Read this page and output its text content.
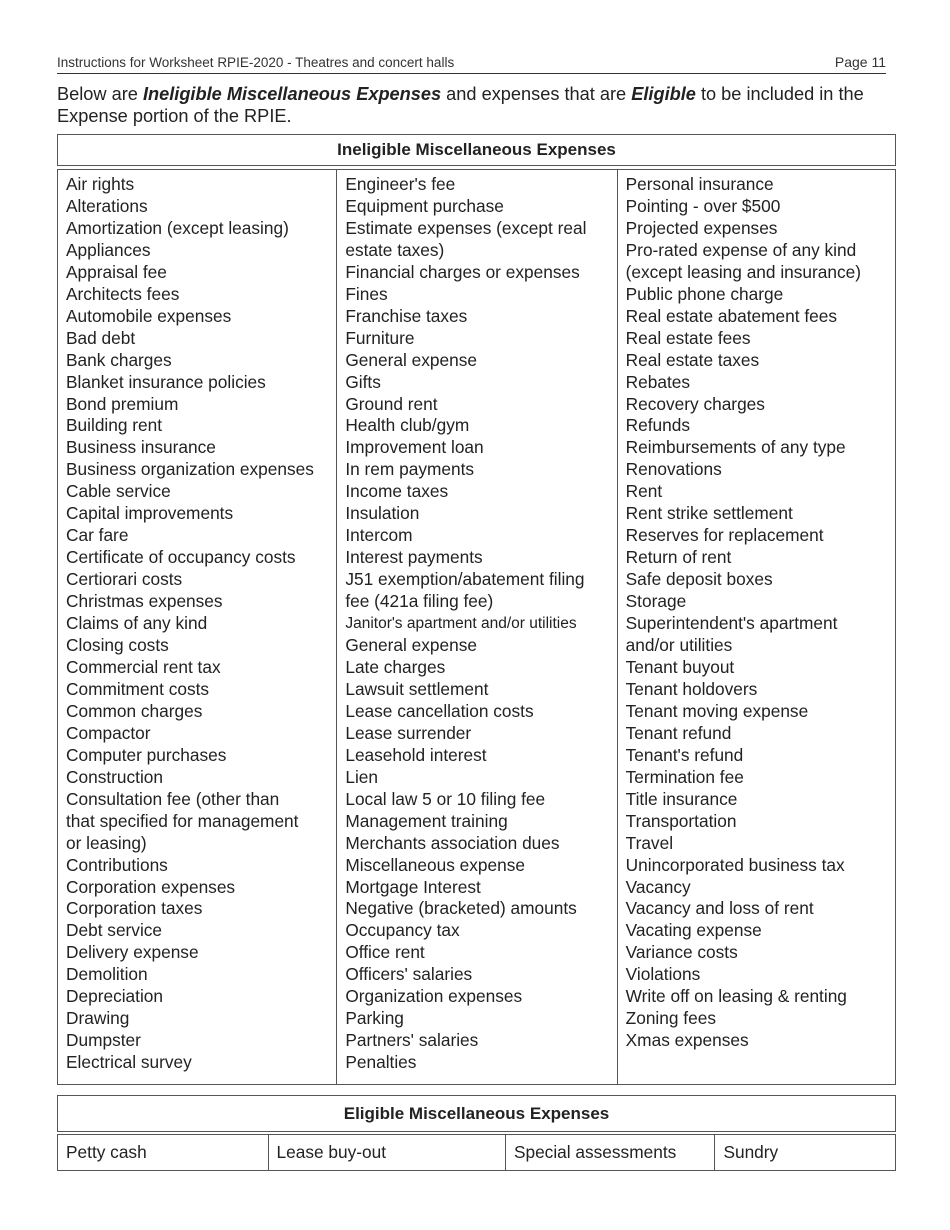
Instructions for Worksheet RPIE-2020 - Theatres and concert halls	Page 11
Below are Ineligible Miscellaneous Expenses and expenses that are Eligible to be included in the Expense portion of the RPIE.
Ineligible Miscellaneous Expenses
Air rights
Alterations
Amortization (except leasing)
Appliances
Appraisal fee
Architects fees
Automobile expenses
Bad debt
Bank charges
Blanket insurance policies
Bond premium
Building rent
Business insurance
Business organization expenses
Cable service
Capital improvements
Car fare
Certificate of occupancy costs
Certiorari costs
Christmas expenses
Claims of any kind
Closing costs
Commercial rent tax
Commitment costs
Common charges
Compactor
Computer purchases
Construction
Consultation fee (other than
that specified for management
or leasing)
Contributions
Corporation expenses
Corporation taxes
Debt service
Delivery expense
Demolition
Depreciation
Drawing
Dumpster
Electrical survey
Engineer's fee
Equipment purchase
Estimate expenses (except real
estate taxes)
Financial charges or expenses
Fines
Franchise taxes
Furniture
General expense
Gifts
Ground rent
Health club/gym
Improvement loan
In rem payments
Income taxes
Insulation
Intercom
Interest payments
J51 exemption/abatement filing
fee (421a filing fee)
Janitor's apartment and/or utilities
General expense
Late charges
Lawsuit settlement
Lease cancellation costs
Lease surrender
Leasehold interest
Lien
Local law 5 or 10 filing fee
Management training
Merchants association dues
Miscellaneous expense
Mortgage Interest
Negative (bracketed) amounts
Occupancy tax
Office rent
Officers' salaries
Organization expenses
Parking
Partners' salaries
Penalties
Personal insurance
Pointing - over $500
Projected expenses
Pro-rated expense of any kind
(except leasing and insurance)
Public phone charge
Real estate abatement fees
Real estate fees
Real estate taxes
Rebates
Recovery charges
Refunds
Reimbursements of any type
Renovations
Rent
Rent strike settlement
Reserves for replacement
Return of rent
Safe deposit boxes
Storage
Superintendent's apartment
and/or utilities
Tenant buyout
Tenant holdovers
Tenant moving expense
Tenant refund
Tenant's refund
Termination fee
Title insurance
Transportation
Travel
Unincorporated business tax
Vacancy
Vacancy and loss of rent
Vacating expense
Variance costs
Violations
Write off on leasing & renting
Zoning fees
Xmas expenses
Eligible Miscellaneous Expenses
Petty cash	Lease buy-out	Special assessments	Sundry
